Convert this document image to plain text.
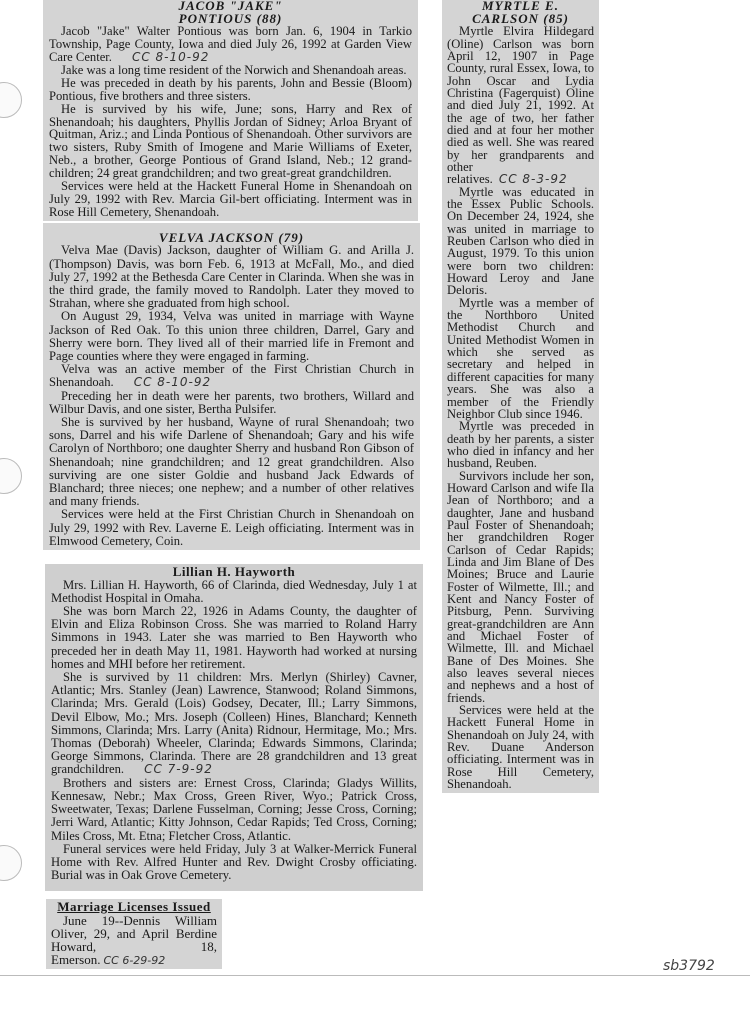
JACOB "JAKE"
PONTIOUS (88)

Jacob "Jake" Walter Pontious was born Jan. 6, 1904 in Tarkio Township, Page County, Iowa and died July 26, 1992 at Garden View Care Center. CC 8-10-92

Jake was a long time resident of the Norwich and Shenandoah areas.

He was preceded in death by his parents, John and Bessie (Bloom) Pontious, five brothers and three sisters.

He is survived by his wife, June; sons, Harry and Rex of Shenandoah; his daughters, Phyllis Jordan of Sidney; Arloa Bryant of Quitman, Ariz.; and Linda Pontious of Shenandoah. Other survivors are two sisters, Ruby Smith of Imogene and Marie Williams of Exeter, Neb., a brother, George Pontious of Grand Island, Neb.; 12 grand-children; 24 great grandchildren; and two great-great grandchildren.

Services were held at the Hackett Funeral Home in Shenandoah on July 29, 1992 with Rev. Marcia Gil-bert officiating. Interment was in Rose Hill Cemetery, Shenandoah.

VELVA JACKSON (79)

Velva Mae (Davis) Jackson, daughter of William G. and Arilla J. (Thompson) Davis, was born Feb. 6, 1913 at McFall, Mo., and died July 27, 1992 at the Bethesda Care Center in Clarinda. When she was in the third grade, the family moved to Randolph. Later they moved to Strahan, where she graduated from high school.

On August 29, 1934, Velva was united in marriage with Wayne Jackson of Red Oak. To this union three children, Darrel, Gary and Sherry were born. They lived all of their married life in Fremont and Page counties where they were engaged in farming.

Velva was an active member of the First Christian Church in Shenandoah. CC 8-10-92

Preceding her in death were her parents, two brothers, Willard and Wilbur Davis, and one sister, Bertha Pulsifer.

She is survived by her husband, Wayne of rural Shenandoah; two sons, Darrel and his wife Darlene of Shenandoah; Gary and his wife Carolyn of Northboro; one daughter Sherry and husband Ron Gibson of Shenandoah; nine grandchildren; and 12 great grandchildren. Also surviving are one sister Goldie and husband Jack Edwards of Blanchard; three nieces; one nephew; and a number of other relatives and many friends.

Services were held at the First Christian Church in Shenandoah on July 29, 1992 with Rev. Laverne E. Leigh officiating. Interment was in Elmwood Cemetery, Coin.

Lillian H. Hayworth

Mrs. Lillian H. Hayworth, 66 of Clarinda, died Wednesday, July 1 at Methodist Hospital in Omaha.

She was born March 22, 1926 in Adams County, the daughter of Elvin and Eliza Robinson Cross. She was married to Roland Harry Simmons in 1943. Later she was married to Ben Hayworth who preceded her in death May 11, 1981. Hayworth had worked at nursing homes and MHI before her retirement.

She is survived by 11 children: Mrs. Merlyn (Shirley) Cavner, Atlantic; Mrs. Stanley (Jean) Lawrence, Stanwood; Roland Simmons, Clarinda; Mrs. Gerald (Lois) Godsey, Decater, Ill.; Larry Simmons, Devil Elbow, Mo.; Mrs. Joseph (Colleen) Hines, Blanchard; Kenneth Simmons, Clarinda; Mrs. Larry (Anita) Ridnour, Hermitage, Mo.; Mrs. Thomas (Deborah) Wheeler, Clarinda; Edwards Simmons, Clarinda; George Simmons, Clarinda. There are 28 grandchildren and 13 great grandchildren. CC 7-9-92

Brothers and sisters are: Ernest Cross, Clarinda; Gladys Willits, Kennesaw, Nebr.; Max Cross, Green River, Wyo.; Patrick Cross, Sweetwater, Texas; Darlene Fusselman, Corning; Jesse Cross, Corning; Jerri Ward, Atlantic; Kitty Johnson, Cedar Rapids; Ted Cross, Corning; Miles Cross, Mt. Etna; Fletcher Cross, Atlantic.

Funeral services were held Friday, July 3 at Walker-Merrick Funeral Home with Rev. Alfred Hunter and Rev. Dwight Crosby officiating. Burial was in Oak Grove Cemetery.

Marriage Licenses Issued

June 19--Dennis William Oliver, 29, and April Berdine Howard, 18, Emerson. CC 6-29-92

MYRTLE E.
CARLSON (85)

Myrtle Elvira Hildegard (Oline) Carlson was born April 12, 1907 in Page County, rural Essex, Iowa, to John Oscar and Lydia Christina (Fagerquist) Oline and died July 21, 1992. At the age of two, her father died and at four her mother died as well. She was reared by her grandparents and other relatives. CC 8-3-92

Myrtle was educated in the Essex Public Schools. On December 24, 1924, she was united in marriage to Reuben Carlson who died in August, 1979. To this union were born two children: Howard Leroy and Jane Deloris.

Myrtle was a member of the Northboro United Methodist Church and United Methodist Women in which she served as secretary and helped in different capacities for many years. She was also a member of the Friendly Neighbor Club since 1946.

Myrtle was preceded in death by her parents, a sister who died in infancy and her husband, Reuben.

Survivors include her son, Howard Carlson and wife Ila Jean of Northboro; and a daughter, Jane and husband Paul Foster of Shenandoah; her grandchildren Roger Carlson of Cedar Rapids; Linda and Jim Blane of Des Moines; Bruce and Laurie Foster of Wilmette, Ill.; and Kent and Nancy Foster of Pitsburg, Penn. Surviving great-grandchildren are Ann and Michael Foster of Wilmette, Ill. and Michael Bane of Des Moines. She also leaves several nieces and nephews and a host of friends.

Services were held at the Hackett Funeral Home in Shenandoah on July 24, with Rev. Duane Anderson officiating. Interment was in Rose Hill Cemetery, Shenandoah.

sb3792
